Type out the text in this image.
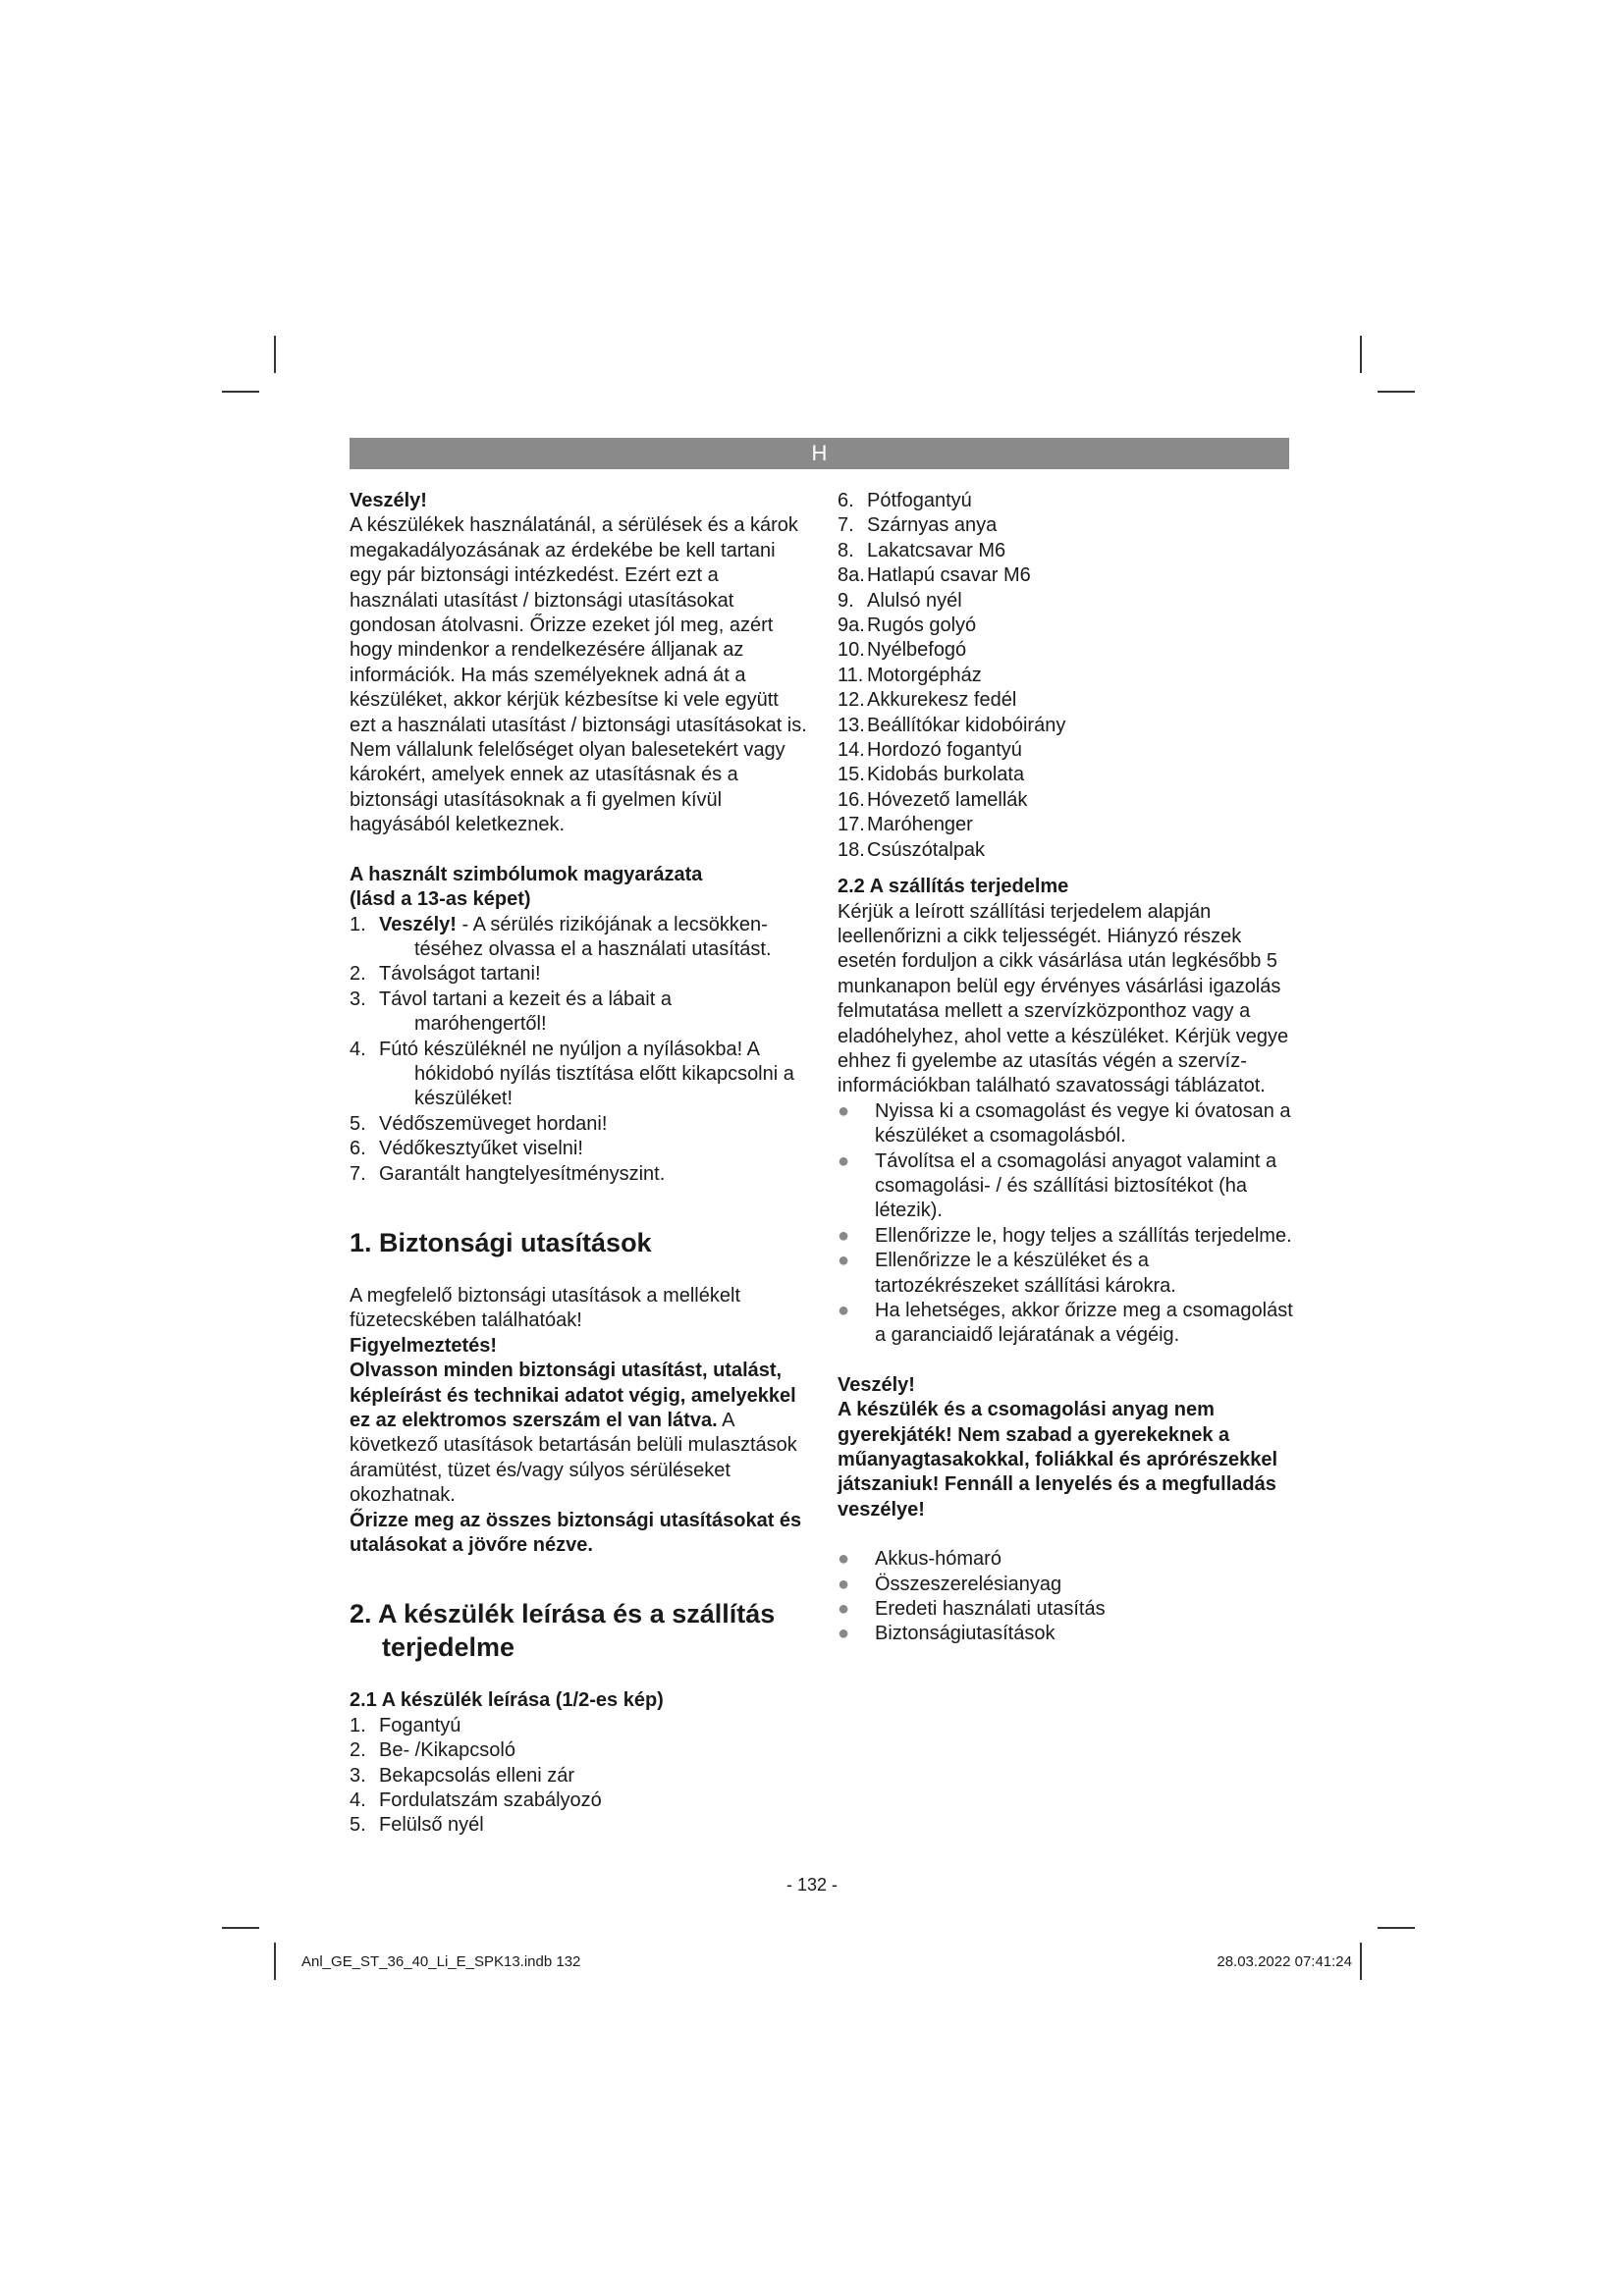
H

Veszély!

A készülékek használatánál, a sérülések és a károk megakadályozásának az érdekébe be kell tartani egy pár biztonsági intézkedést. Ezért ezt a használati utasítást / biztonsági utasításokat gondosan átolvasni. Őrizze ezeket jól meg, azért hogy mindenkor a rendelkezésére álljanak az információk. Ha más személyeknek adná át a készüléket, akkor kérjük kézbesítse ki vele együtt ezt a használati utasítást / biztonsági utasításokat is. Nem vállalunk felelőséget olyan balesetekért vagy károkért, amelyek ennek az utasításnak és a biztonsági utasításoknak a fi gyelmen kívül hagyásából keletkeznek.

A használt szimbólumok magyarázata

(lásd a 13-as képet)

1. Veszély! - A sérülés rizikójának a lecsökken-
téséhez olvassa el a használati utasítást.
2. Távolságot tartani!
3. Távol tartani a kezeit és a lábait a
maróhengertől!
4. Fútó készüléknél ne nyúljon a nyílásokba! A
hókidobó nyílás tisztítása előtt kikapcsolni a készüléket!
5. Védőszemüveget hordani!
6. Védőkesztyűket viselni!
7. Garantált hangtelyesítményszint.

1. Biztonsági utasítások

A megfelelő biztonsági utasítások a mellékelt füzetecskében találhatóak!

Figyelmeztetés!

Olvasson minden biztonsági utasítást, utalást, képleírást és technikai adatot végig, amelyekkel ez az elektromos szerszám el van látva. A következő utasítások betartásán belüli mulasztások áramütést, tüzet és/vagy súlyos sérüléseket okozhatnak.

Őrizze meg az összes biztonsági utasításokat és utalásokat a jövőre nézve.

2. A készülék leírása és a szállítás
terjedelme

2.1 A készülék leírása (1/2-es kép)

1. Fogantyú
2. Be- /Kikapcsoló
3. Bekapcsolás elleni zár
4. Fordulatszám szabályozó
5. Felülső nyél
6. Pótfogantyú
7. Szárnyas anya
8. Lakatcsavar M6
8a. Hatlapú csavar M6
9. Alulsó nyél
9a. Rugós golyó
10. Nyélbefogó
11. Motorgépház
12. Akkurekesz fedél
13. Beállítókar kidobóirány
14. Hordozó fogantyú
15. Kidobás burkolata
16. Hóvezető lamellák
17. Maróhenger
18. Csúszótalpak

2.2 A szállítás terjedelme

Kérjük a leírott szállítási terjedelem alapján leellenőrizni a cikk teljességét. Hiányzó részek esetén forduljon a cikk vásárlása után legkésőbb 5 munkanapon belül egy érvényes vásárlási igazolás felmutatása mellett a szervízközponthoz vagy a eladóhelyhez, ahol vette a készüléket. Kérjük vegye ehhez fi gyelembe az utasítás végén a szervíz-információkban található szavatossági táblázatot.

●	Nyissa ki a csomagolást és vegye ki óvatosan a készüléket a csomagolásból.
●	Távolítsa el a csomagolási anyagot valamint a csomagolási- / és szállítási biztosítékot (ha létezik).
●	Ellenőrizze le, hogy teljes a szállítás terjedelme.
●	Ellenőrizze le a készüléket és a tartozékrészeket szállítási károkra.
●	Ha lehetséges, akkor őrizze meg a csomagolást a garanciaidő lejáratának a végéig.

Veszély!

A készülék és a csomagolási anyag nem gyerekjáték! Nem szabad a gyerekeknek a műanyagtasakokkal, foliákkal és aprórészekkel játszaniuk! Fennáll a lenyelés és a megfulladás veszélye!

●	Akkus-hómaró
●	Összeszerelésianyag
●	Eredeti használati utasítás
●	Biztonságiutasítások
- 132 -
Anl_GE_ST_36_40_Li_E_SPK13.indb 132	28.03.2022 07:41:24
